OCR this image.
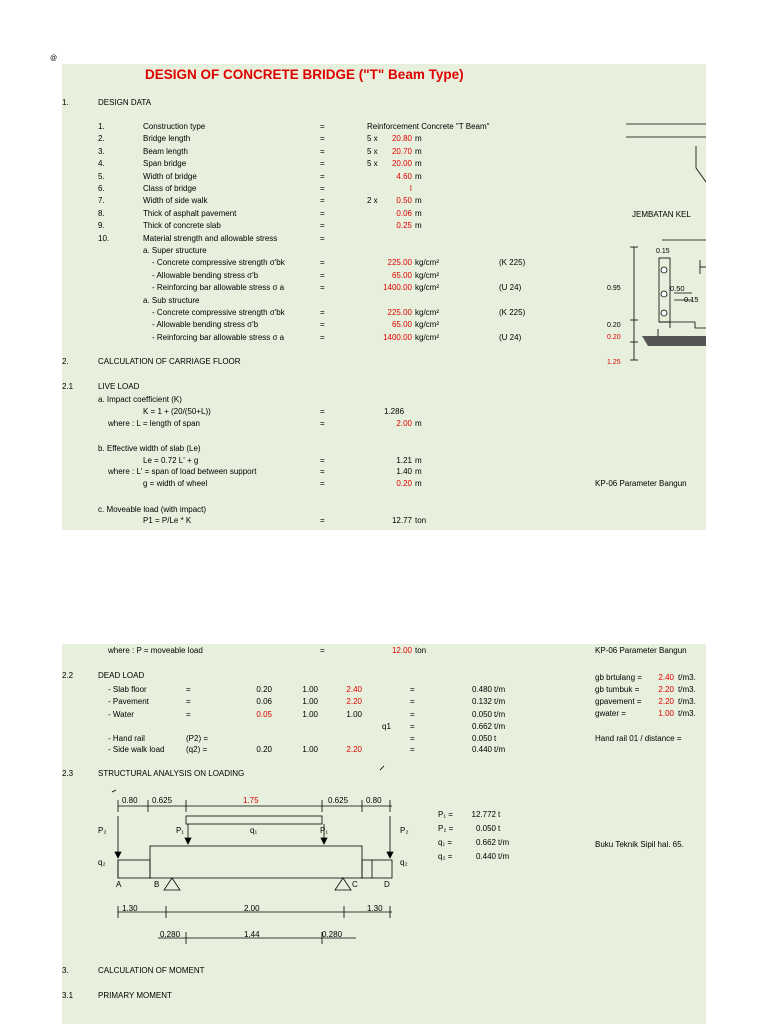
@
DESIGN OF CONCRETE BRIDGE ("T" Beam Type)
1.	DESIGN DATA
1.	Construction type	=	Reinforcement Concrete "T Beam"
2.	Bridge length	=	5 x	20.80 m
3.	Beam length	=	5 x	20.70 m
4.	Span bridge	=	5 x	20.00 m
5.	Width of bridge	=	4.60 m
6.	Class of bridge	=	I
7.	Width of side walk	=	2 x	0.50 m
8.	Thick of asphalt pavement	=	0.06 m
9.	Thick of concrete slab	=	0.25 m
10.	Material strength and allowable stress	=
a. Super structure
- Concrete compressive strength σ'bk	=	225.00 kg/cm²	(K 225)
- Allowable bending stress σ'b	=	65.00 kg/cm²
- Reinforcing bar allowable stress σ a	=	1400.00 kg/cm²	(U 24)
a. Sub structure
- Concrete compressive strength σ'bk	=	225.00 kg/cm²	(K 225)
- Allowable bending stress σ'b	=	65.00 kg/cm²
- Reinforcing bar allowable stress σ a	=	1400.00 kg/cm²	(U 24)
2.	CALCULATION OF CARRIAGE FLOOR
2.1	LIVE LOAD
a. Impact coefficient (K)
K = 1 + (20/(50+L))	=	1.286
where : L = length of span	=	2.00 m
b. Effective width of slab (Le)
Le = 0.72 L' + g	=	1.21 m
where : L' = span of load between support	=	1.40 m
g = width of wheel	=	0.20 m	KP-06 Parameter Bangun
c. Moveable load (with impact)
P1 = P/Le * K	=	12.77 ton
JEMBATAN KEL
0.15
0.95	0.50
0.15
0.20
0.20
1.25
where : P = moveable load	=	12.00 ton	KP-06 Parameter Bangun
2.2	DEAD LOAD
- Slab floor	=	0.20	1.00	2.40	=	0.480 t/m
- Pavement	=	0.06	1.00	2.20	=	0.132 t/m
- Water	=	0.05	1.00	1.00	=	0.050 t/m
q1 =	0.662 t/m
- Hand rail	(P2) =	=	0.050 t
- Side walk load	(q2) =	0.20	1.00	2.20	=	0.440 t/m
gb brtulang =	2.40 t/m3.
gb tumbuk =	2.20 t/m3.
gpavement =	2.20 t/m3.
gwater =	1.00 t/m3.
Hand rail 01 / distance =
2.3	STRUCTURAL ANALYSIS ON LOADING
0.80 0.625	1.75	0.625 0.80
P₂	P₁	q₁	P₁	P₂
q₂	q₂
A	B	C	D
1.30	2.00	1.30
0.280	1.44	0.280
P₁ =	12.772 t
P₂ =	0.050 t
q₁ =	0.662 t/m
q₂ =	0.440 t/m
Buku Teknik Sipil hal. 65.
3.	CALCULATION OF MOMENT
3.1	PRIMARY MOMENT
